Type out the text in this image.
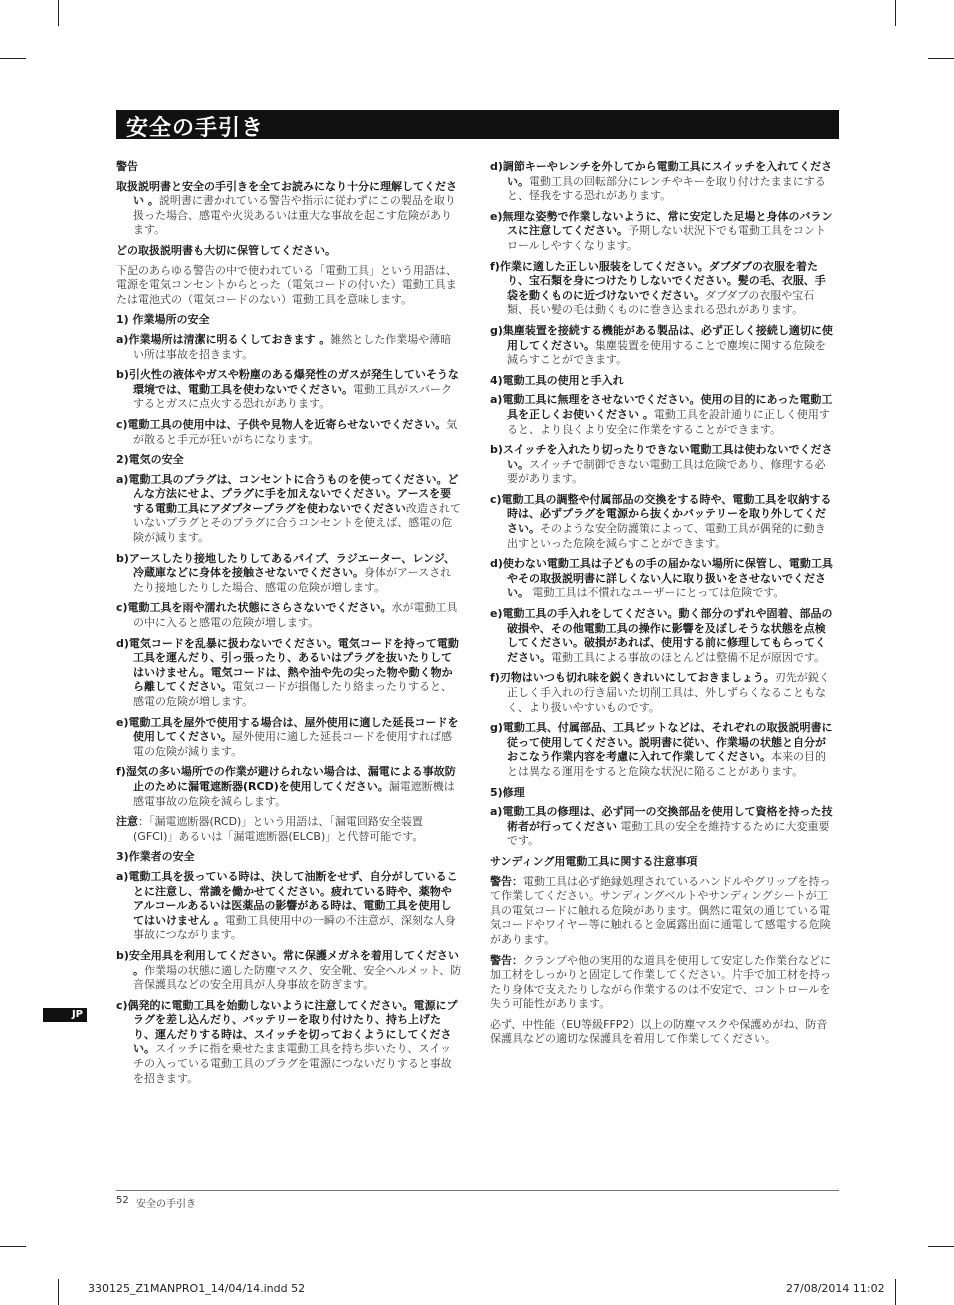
安全の手引き

警告

取扱説明書と安全の手引きを全てお読みになり十分に理解してください 。説明書に書かれている警告や指示に従わずにこの製品を取り扱った場合、感電や火災あるいは重大な事故を起こす危険があります。

どの取扱説明書も大切に保管してください。

下記のあらゆる警告の中で使われている「電動工具」という用語は、電源を電気コンセントからとった（電気コードの付いた）電動工具または電池式の（電気コードのない）電動工具を意味します。

1) 作業場所の安全

a)作業場所は清潔に明るくしておきます 。雑然とした作業場や薄暗い所は事故を招きます。

b)引火性の液体やガスや粉塵のある爆発性のガスが発生していそうな環境では、電動工具を使わないでください。電動工具がスパークするとガスに点火する恐れがあります。

c)電動工具の使用中は、子供や見物人を近寄らせないでください。気が散ると手元が狂いがちになります。

2)電気の安全

a)電動工具のプラグは、コンセントに合うものを使ってください。どんな方法にせよ、プラグに手を加えないでください。アースを要する電動工具にアダプタープラグを使わないでください改造されていないプラグとそのプラグに合うコンセントを使えば、感電の危険が減ります。

b)アースしたり接地したりしてあるパイプ、ラジエーター、レンジ、冷蔵庫などに身体を接触させないでください。身体がアースされたり接地したりした場合、感電の危険が増します。

c)電動工具を雨や濡れた状態にさらさないでください。水が電動工具の中に入ると感電の危険が増します。

d)電気コードを乱暴に扱わないでください。電気コードを持って電動工具を運んだり、引っ張ったり、あるいはプラグを抜いたりしてはいけません。電気コードは、熱や油や先の尖った物や動く物から離してください。電気コードが損傷したり絡まったりすると、感電の危険が増します。

e)電動工具を屋外で使用する場合は、屋外使用に適した延長コードを使用してください。屋外使用に適した延長コードを使用すれば感電の危険が減ります。

f)湿気の多い場所での作業が避けられない場合は、漏電による事故防止のために漏電遮断器(RCD)を使用してください。漏電遮断機は感電事故の危険を減らします。

注意：「漏電遮断器(RCD)」という用語は、「漏電回路安全装置(GFCI)」あるいは「漏電遮断器(ELCB)」と代替可能です。

3)作業者の安全

a)電動工具を扱っている時は、決して油断をせず、自分がしていることに注意し、常識を働かせてください。疲れている時や、薬物やアルコールあるいは医薬品の影響がある時は、電動工具を使用してはいけません 。電動工具使用中の一瞬の不注意が、深刻な人身事故につながります。

b)安全用具を利用してください。常に保護メガネを着用してください 。作業場の状態に適した防塵マスク、安全靴、安全ヘルメット、防音保護具などの安全用具が人身事故を防ぎます。

c)偶発的に電動工具を始動しないように注意してください。電源にプラグを差し込んだり、バッテリーを取り付けたり、持ち上げたり、運んだりする時は、スイッチを切っておくようにしてください。スイッチに指を乗せたまま電動工具を持ち歩いたり、スイッチの入っている電動工具のプラグを電源につないだりすると事故を招きます。

d)調節キーやレンチを外してから電動工具にスイッチを入れてください。電動工具の回転部分にレンチやキーを取り付けたままにすると、怪我をする恐れがあります。

e)無理な姿勢で作業しないように、常に安定した足場と身体のバランスに注意してください。予期しない状況下でも電動工具をコントロールしやすくなります。

f)作業に適した正しい服装をしてください。ダブダブの衣服を着たり、宝石類を身につけたりしないでください。髪の毛、衣服、手袋を動くものに近づけないでください。ダブダブの衣服や宝石類、長い髪の毛は動くものに巻き込まれる恐れがあります。

g)集塵装置を接続する機能がある製品は、必ず正しく接続し適切に使用してください。集塵装置を使用することで塵埃に関する危険を減らすことができます。

4)電動工具の使用と手入れ

a)電動工具に無理をさせないでください。使用の目的にあった電動工具を正しくお使いください 。電動工具を設計通りに正しく使用すると、より良くより安全に作業をすることができます。

b)スイッチを入れたり切ったりできない電動工具は使わないでください。スイッチで制御できない電動工具は危険であり、修理する必要があります。

c)電動工具の調整や付属部品の交換をする時や、電動工具を収納する時は、必ずプラグを電源から抜くかバッテリーを取り外してください。そのような安全防護策によって、電動工具が偶発的に動き出すといった危険を減らすことができます。

d)使わない電動工具は子どもの手の届かない場所に保管し、電動工具やその取扱説明書に詳しくない人に取り扱いをさせないでください。 電動工具は不慣れなユーザーにとっては危険です。

e)電動工具の手入れをしてください。動く部分のずれや固着、部品の破損や、その他電動工具の操作に影響を及ぼしそうな状態を点検してください。破損があれば、使用する前に修理してもらってください。電動工具による事故のほとんどは整備不足が原因です。

f)刃物はいつも切れ味を鋭くきれいにしておきましょう。刃先が鋭く正しく手入れの行き届いた切削工具は、外しずらくなることもなく、より扱いやすいものです。

g)電動工具、付属部品、工具ビットなどは、それぞれの取扱説明書に従って使用してください。説明書に従い、作業場の状態と自分がおこなう作業内容を考慮に入れて作業してください。本来の目的とは異なる運用をすると危険な状況に陥ることがあります。

5)修理

a)電動工具の修理は、必ず同一の交換部品を使用して資格を持った技術者が行ってください 電動工具の安全を維持するために大変重要です。

サンディング用電動工具に関する注意事項

警告：電動工具は必ず絶縁処理されているハンドルやグリップを持って作業してください。サンディングベルトやサンディングシートが工具の電気コードに触れる危険があります。偶然に電気の通じている電気コードやワイヤー等に触れると金属露出面に通電して感電する危険があります。

警告：クランプや他の実用的な道具を使用して安定した作業台などに加工材をしっかりと固定して作業してください。片手で加工材を持ったり身体で支えたりしながら作業するのは不安定で、コントロールを失う可能性があります。

必ず、中性能（EU等級FFP2）以上の防塵マスクや保護めがね、防音保護具などの適切な保護具を着用して作業してください。

JP
52 安全の手引き
330125_Z1MANPRO1_14/04/14.indd 52	27/08/2014 11:02
